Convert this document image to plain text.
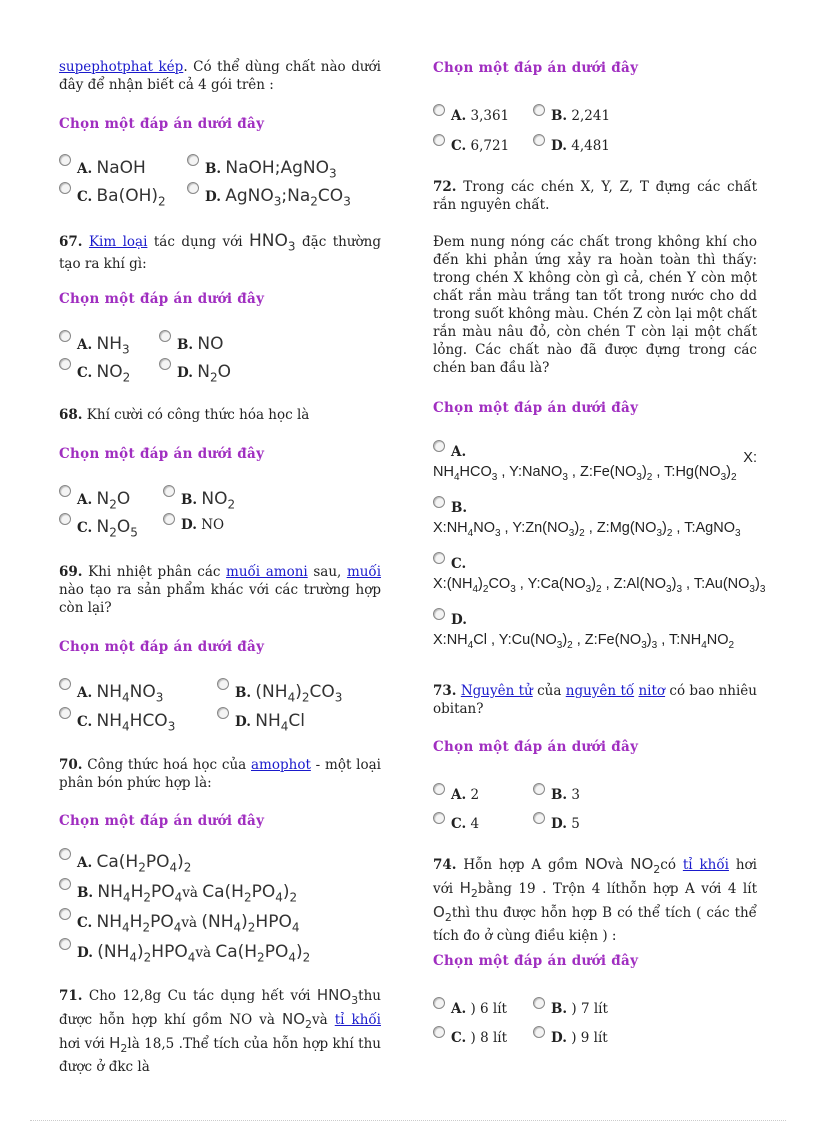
supephotphat kép. Có thể dùng chất nào dưới đây để nhận biết cả 4 gói trên :

Chọn một đáp án dưới đây
A. NaOH	B. NaOH;AgNO$_3$
C. $Ba(OH)_2$	D. $AgNO_3;Na_2CO_3$

67. Kim loại tác dụng với $HNO_3$ đặc thường tạo ra khí gì:

Chọn một đáp án dưới đây
A. $NH_3$	B. NO
C. $NO_2$	D. $N_2O$

68. Khí cười có công thức hóa học là

Chọn một đáp án dưới đây
A. $N_2O$	B. $NO_2$
C. $N_2O_5$	D. NO

69. Khi nhiệt phân các muối amoni sau, muối nào tạo ra sản phẩm khác với các trường hợp còn lại?

Chọn một đáp án dưới đây
A. $NH_4NO_3$	B. $(NH_4)_2CO_3$
C. $NH_4HCO_3$	D. $NH_4Cl$

70. Công thức hoá học của amophot - một loại phân bón phức hợp là:

Chọn một đáp án dưới đây
A. $Ca(H_2PO_4)_2$
B. $NH_4H_2PO_4và$ $Ca(H_2PO_4)_2$
C. $NH_4H_2PO_4và$ $(NH_4)_2HPO_4$
D. $(NH_4)_2HPO_4và$ $Ca(H_2PO_4)_2$

71. Cho 12,8g Cu tác dụng hết với $HNO_3thu$ được hỗn hợp khí gồm NO và $NO_2và$ tỉ khối hơi với $H_2là$ 18,5 .Thể tích của hỗn hợp khí thu được ở đkc là

Chọn một đáp án dưới đây
A. 3,361	B. 2,241
C. 6,721	D. 4,481

72. Trong các chén X, Y, Z, T đựng các chất rắn nguyên chất.

Đem nung nóng các chất trong không khí cho đến khi phản ứng xảy ra hoàn toàn thì thấy: trong chén X không còn gì cả, chén Y còn một chất rắn màu trắng tan tốt trong nước cho dd trong suốt không màu. Chén Z còn lại một chất rắn màu nâu đỏ, còn chén T còn lại một chất lỏng. Các chất nào đã được đựng trong các chén ban đầu là?

Chọn một đáp án dưới đây
A.	X:
$NH_4HCO_3$ , Y:NaNO$_3$ , $Z:Fe(NO_3)_2$ , $T:Hg(NO_3)_2$
B.
$X:NH_4NO_3$ , $Y:Zn(NO_3)_2$ , $Z:Mg(NO_3)_2$ , T:AgNO$_3$
C.
$X:(NH_4)_2CO_3$ , $Y:Ca(NO_3)_2$ , $Z:Al(NO_3)_3$ , $T:Au(NO_3)_3$
D.
$X:NH_4Cl$ , $Y:Cu(NO_3)_2$ , $Z:Fe(NO_3)_3$ , $T:NH_4NO_2$

73. Nguyên tử của nguyên tố nitơ có bao nhiêu obitan?

Chọn một đáp án dưới đây
A. 2	B. 3
C. 4	D. 5

74. Hỗn hợp A gồm NOvà $NO_2có$ tỉ khối hơi với $H_2bằng$ 19 . Trộn 4 líthỗn hợp A với 4 lít $O_2thì$ thu được hỗn hợp B có thể tích ( các thể tích đo ở cùng điều kiện ) :

Chọn một đáp án dưới đây
A. ) 6 lít	B. ) 7 lít
C. ) 8 lít	D. ) 9 lít
